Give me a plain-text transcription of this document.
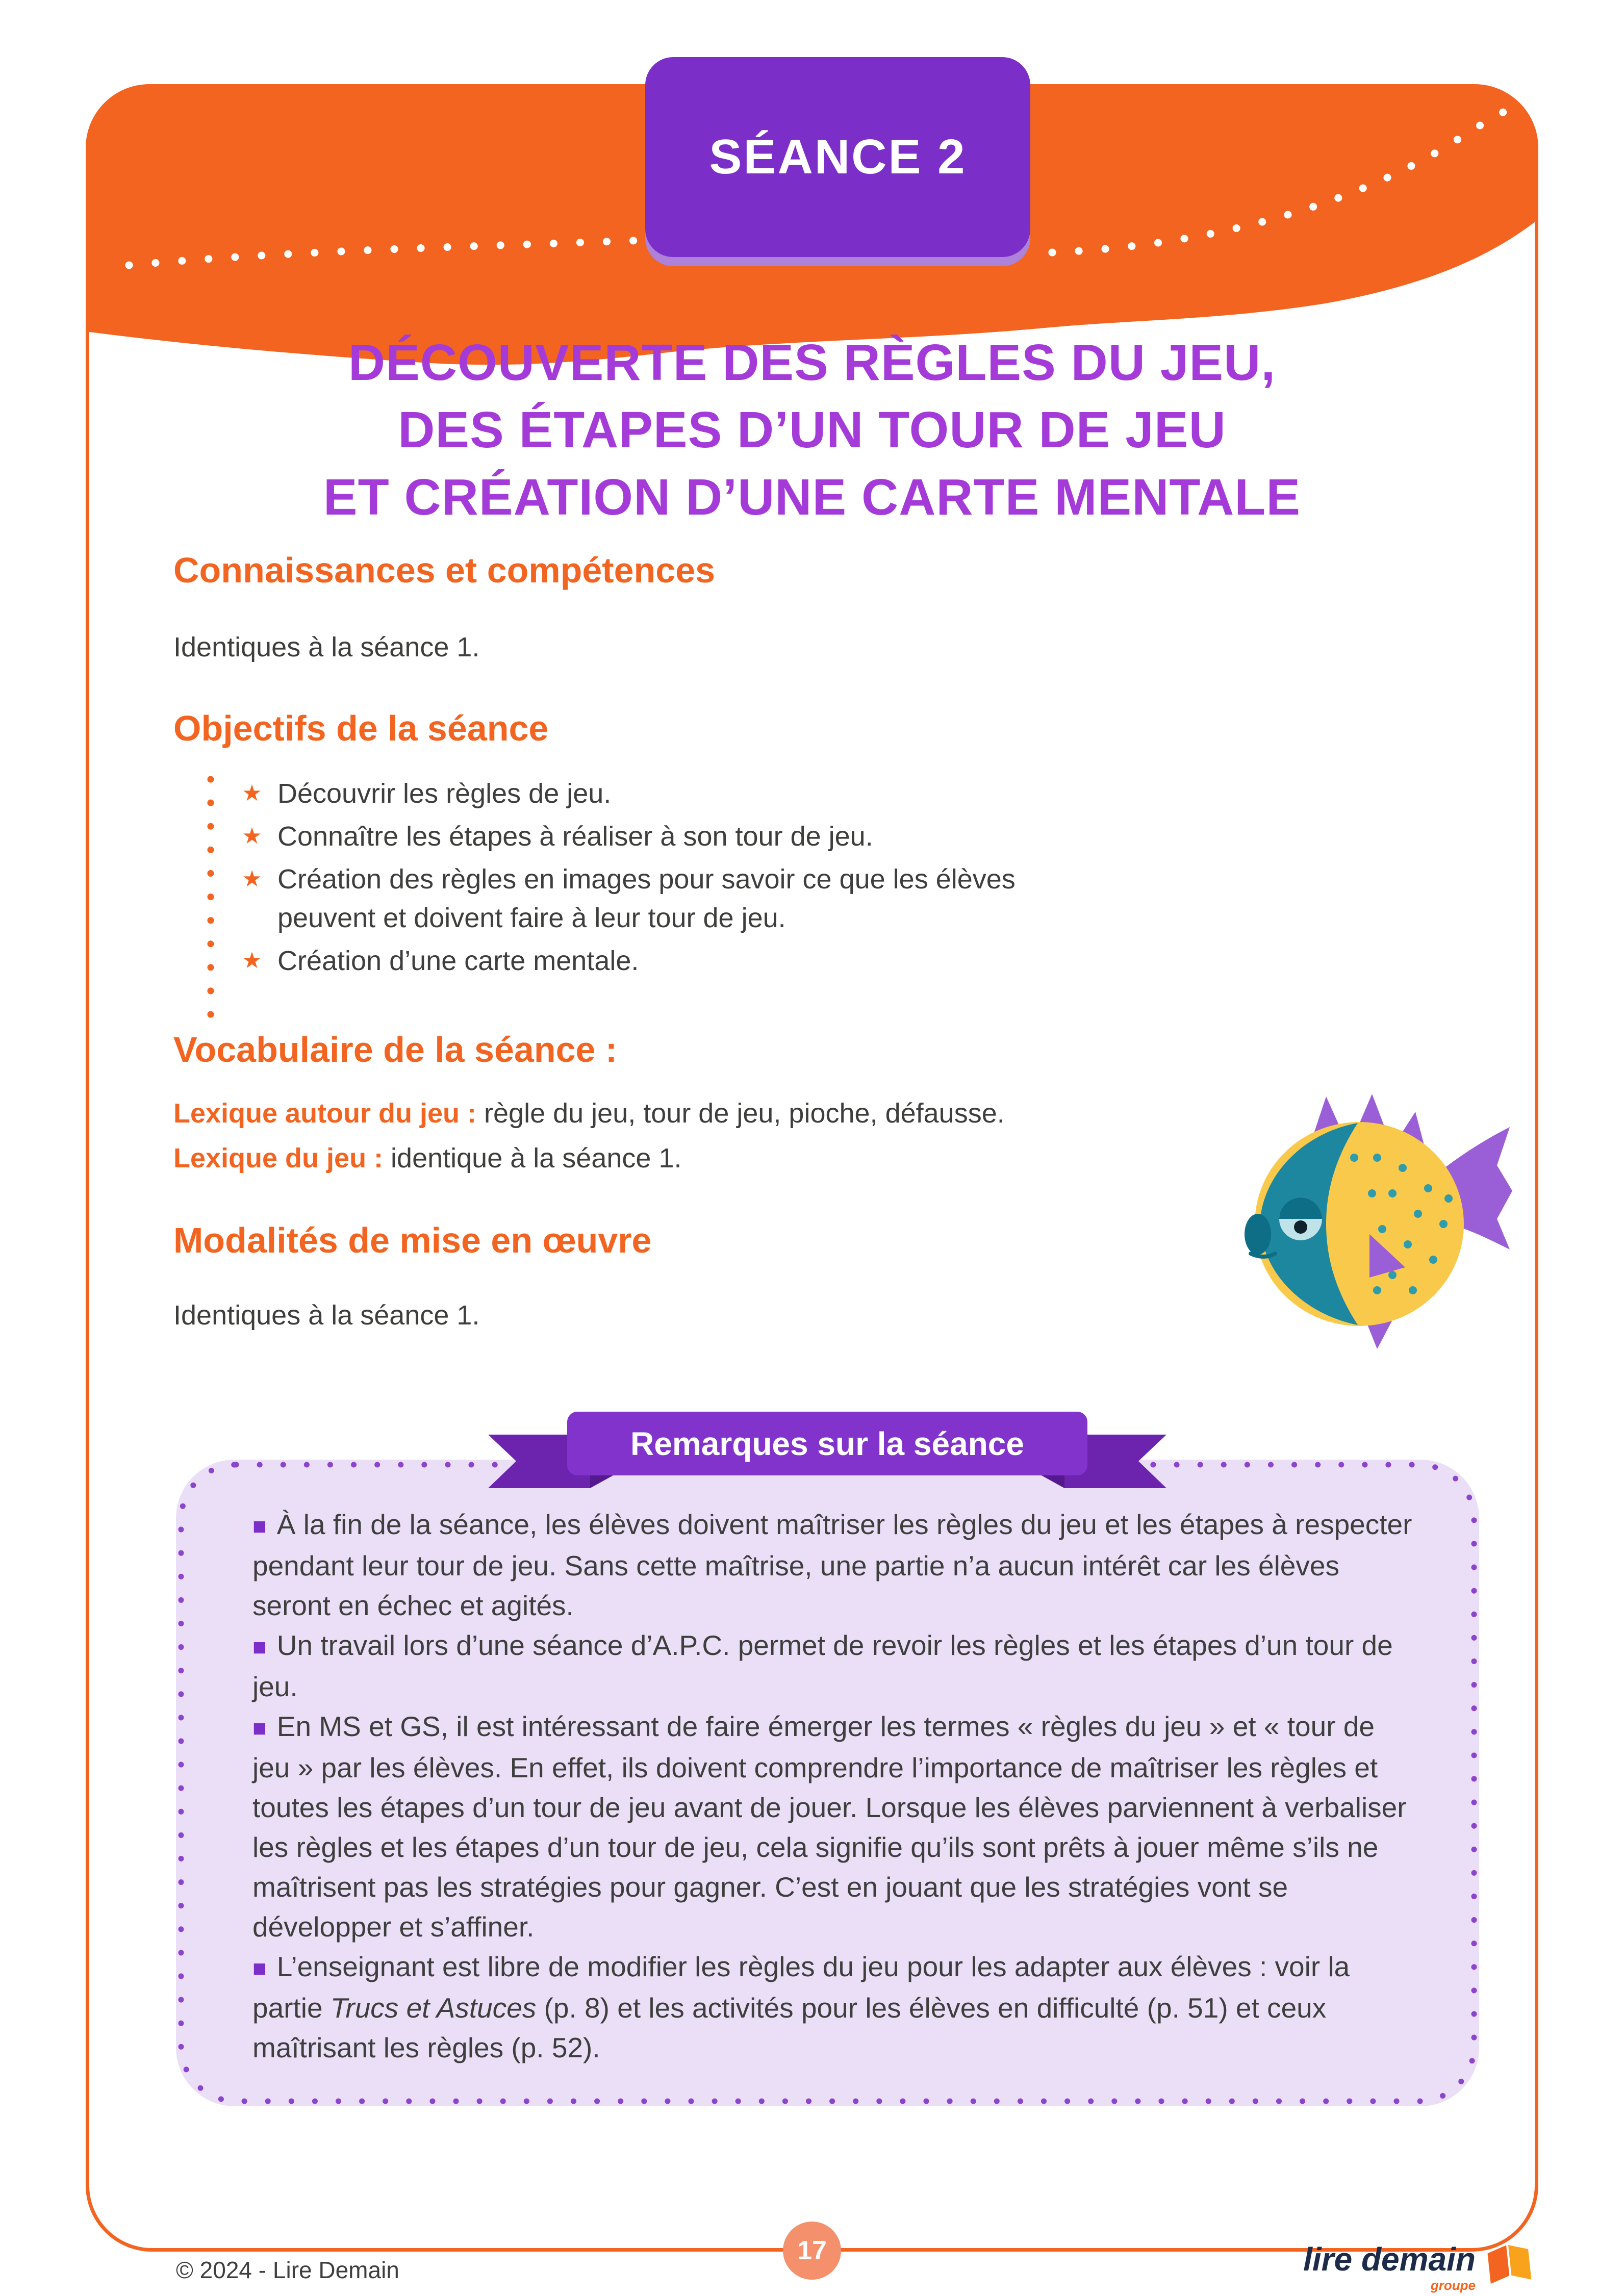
SÉANCE 2
DÉCOUVERTE DES RÈGLES DU JEU,
DES ÉTAPES D’UN TOUR DE JEU
ET CRÉATION D’UNE CARTE MENTALE
Connaissances et compétences

Identiques à la séance 1.

Objectifs de la séance
★ Découvrir les règles de jeu.
★ Connaître les étapes à réaliser à son tour de jeu.
★ Création des règles en images pour savoir ce que les élèves peuvent et doivent faire à leur tour de jeu.
★ Création d’une carte mentale.
Vocabulaire de la séance :

Lexique autour du jeu : règle du jeu, tour de jeu, pioche, défausse.

Lexique du jeu : identique à la séance 1.

Modalités de mise en œuvre

Identiques à la séance 1.

■ À la fin de la séance, les élèves doivent maîtriser les règles du jeu et les étapes à respecter pendant leur tour de jeu. Sans cette maîtrise, une partie n’a aucun intérêt car les élèves seront en échec et agités.

■ Un travail lors d’une séance d’A.P.C. permet de revoir les règles et les étapes d’un tour de jeu.

■ En MS et GS, il est intéressant de faire émerger les termes « règles du jeu » et « tour de jeu » par les élèves. En effet, ils doivent comprendre l’importance de maîtriser les règles et toutes les étapes d’un tour de jeu avant de jouer. Lorsque les élèves parviennent à verbaliser les règles et les étapes d’un tour de jeu, cela signifie qu’ils sont prêts à jouer même s’ils ne maîtrisent pas les stratégies pour gagner. C’est en jouant que les stratégies vont se développer et s’affiner.

■ L’enseignant est libre de modifier les règles du jeu pour les adapter aux élèves : voir la partie Trucs et Astuces (p. 8) et les activités pour les élèves en difficulté (p. 51) et ceux maîtrisant les règles (p. 52).

Remarques sur la séance
© 2024 - Lire Demain
17	lire demain
groupe
